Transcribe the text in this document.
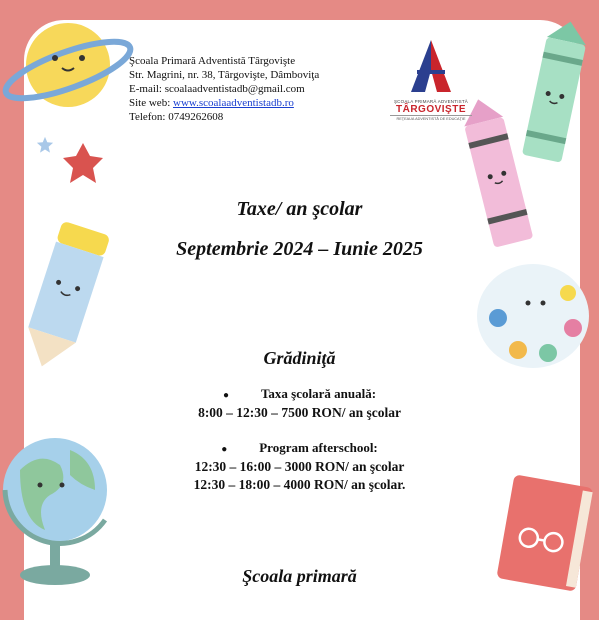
Şcoala Primară Adventistă Târgovişte
Str. Magrini, nr. 38, Târgovişte, Dâmboviţa
E-mail: scoalaadventistadb@gmail.com
Site web: www.scoalaadventistadb.ro
Telefon: 0749262608
ŞCOALA PRIMARĂ ADVENTISTĂ
TÂRGOVIŞTE
REŢEAUA ADVENTISTĂ DE EDUCAŢIE
Taxe/ an şcolar
Septembrie 2024 – Iunie 2025
Grădiniţă
● Taxa şcolară anuală:
8:00 – 12:30 – 7500 RON/ an şcolar
● Program afterschool:
12:30 – 16:00 – 3000 RON/ an şcolar
12:30 – 18:00 – 4000 RON/ an şcolar.
Şcoala primară
